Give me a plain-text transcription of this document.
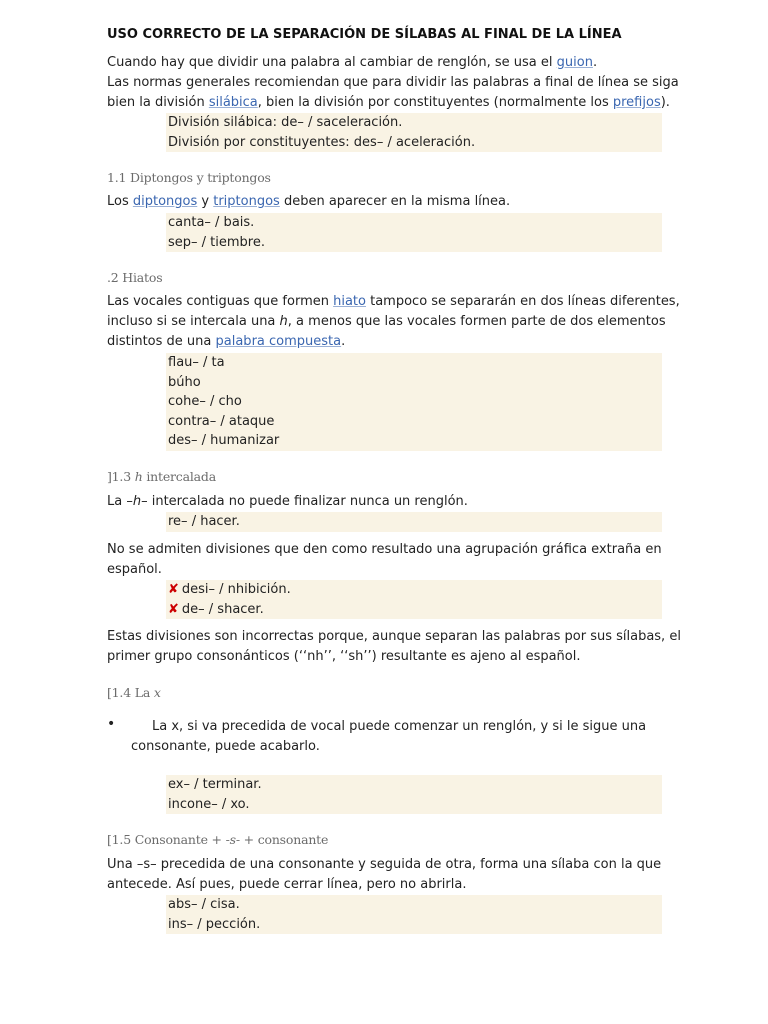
USO CORRECTO DE LA SEPARACIÓN DE SÍLABAS AL FINAL DE LA LÍNEA
Cuando hay que dividir una palabra al cambiar de renglón, se usa el guion.
Las normas generales recomiendan que para dividir las palabras a final de línea se siga
bien la división silábica, bien la división por constituyentes (normalmente los prefijos).
División silábica: de– / saceleración.
División por constituyentes: des– / aceleración.
1.1 Diptongos y triptongos
Los diptongos y triptongos deben aparecer en la misma línea.
canta– / bais.
sep– / tiembre.
.2 Hiatos
Las vocales contiguas que formen hiato tampoco se separarán en dos líneas diferentes,
incluso si se intercala una h, a menos que las vocales formen parte de dos elementos
distintos de una palabra compuesta.
flau– / ta
búho
cohe– / cho
contra– / ataque
des– / humanizar
]1.3 h intercalada
La –h– intercalada no puede finalizar nunca un renglón.
re– / hacer.
No se admiten divisiones que den como resultado una agrupación gráfica extraña en
español.
✘ desi– / nhibición.
✘ de– / shacer.
Estas divisiones son incorrectas porque, aunque separan las palabras por sus sílabas, el
primer grupo consonánticos (‘‘nh’’, ‘‘sh’’) resultante es ajeno al español.
[1.4 La x
•	La x, si va precedida de vocal puede comenzar un renglón, y si le sigue una
consonante, puede acabarlo.
ex– / terminar.
incone– / xo.
[1.5 Consonante + -s- + consonante
Una –s– precedida de una consonante y seguida de otra, forma una sílaba con la que
antecede. Así pues, puede cerrar línea, pero no abrirla.
abs– / cisa.
ins– / pección.
